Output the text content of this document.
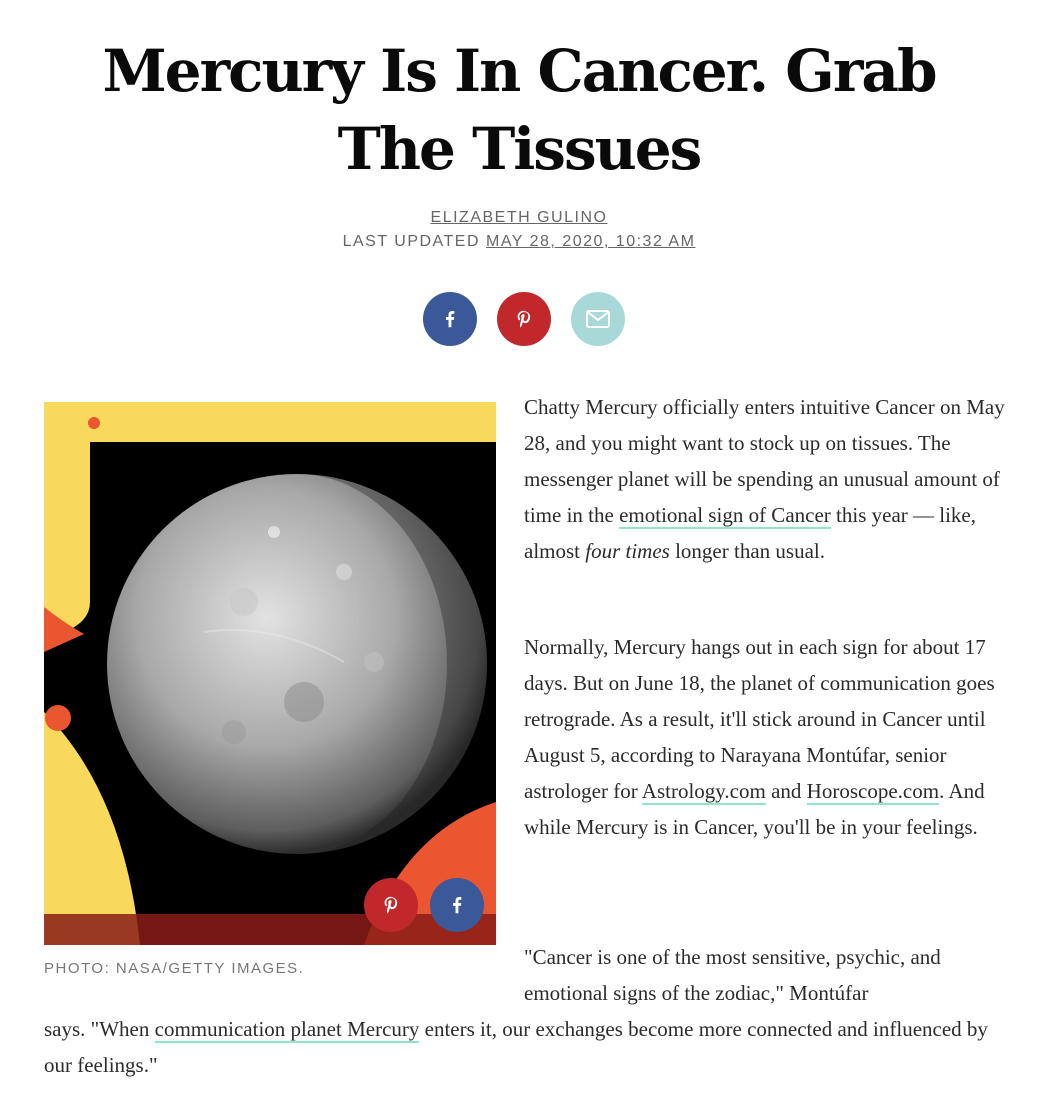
Mercury Is In Cancer. Grab The Tissues
ELIZABETH GULINO
LAST UPDATED MAY 28, 2020, 10:32 AM
PHOTO: NASA/GETTY IMAGES.

Chatty Mercury officially enters intuitive Cancer on May 28, and you might want to stock up on tissues. The messenger planet will be spending an unusual amount of time in the emotional sign of Cancer this year — like, almost four times longer than usual.

Normally, Mercury hangs out in each sign for about 17 days. But on June 18, the planet of communication goes retrograde. As a result, it'll stick around in Cancer until August 5, according to Narayana Montúfar, senior astrologer for Astrology.com and Horoscope.com. And while Mercury is in Cancer, you'll be in your feelings.

"Cancer is one of the most sensitive, psychic, and emotional signs of the zodiac," Montúfar

says. "When communication planet Mercury enters it, our exchanges become more connected and influenced by our feelings."
